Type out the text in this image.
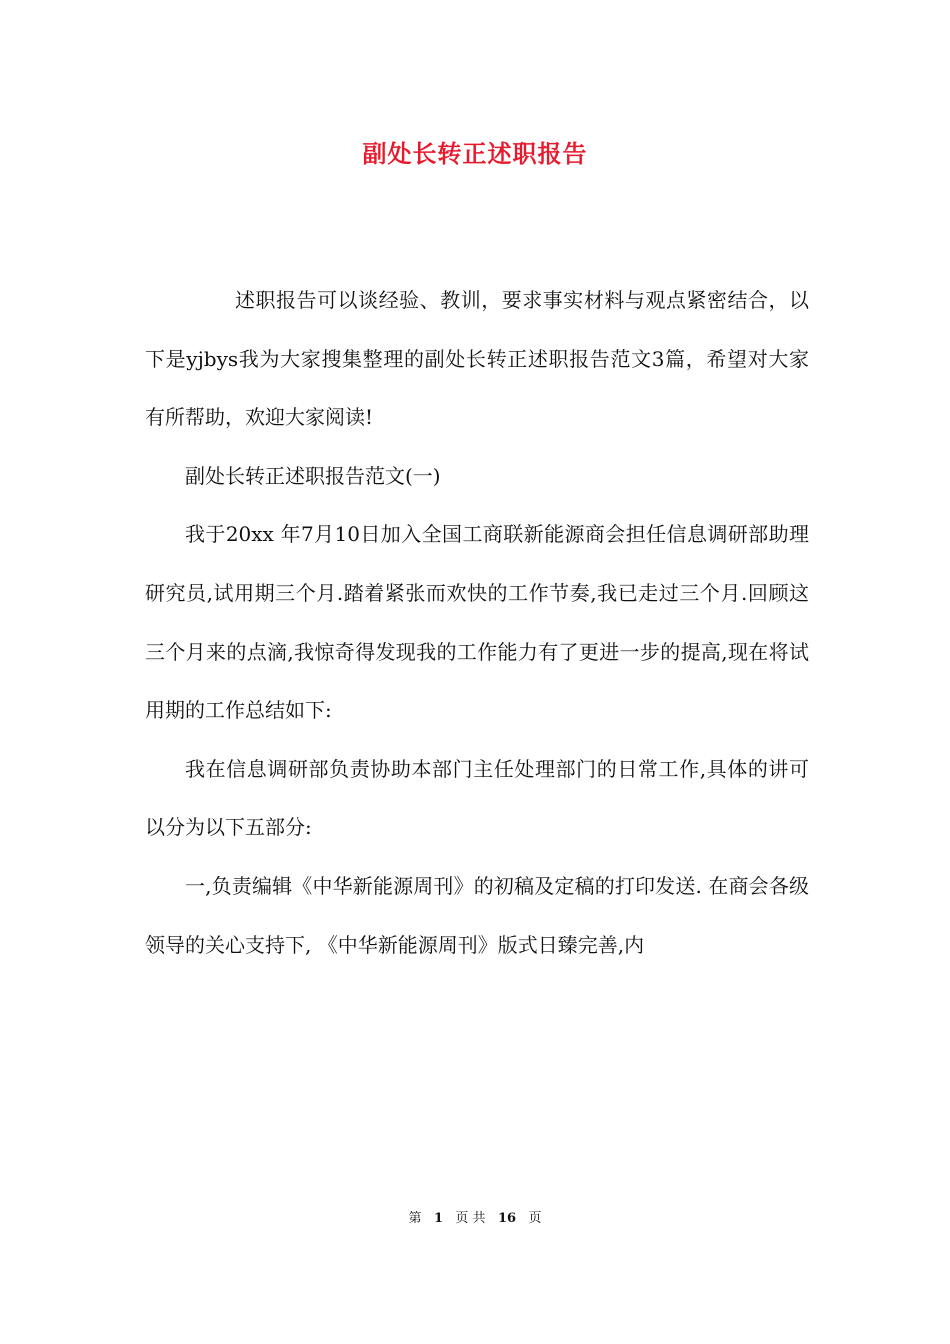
副处长转正述职报告

述职报告可以谈经验、教训，要求事实材料与观点紧密结合，以下是yjbys我为大家搜集整理的副处长转正述职报告范文3篇，希望对大家有所帮助，欢迎大家阅读!

副处长转正述职报告范文(一)

我于20xx 年7月10日加入全国工商联新能源商会担任信息调研部助理研究员,试用期三个月.踏着紧张而欢快的工作节奏,我已走过三个月.回顾这三个月来的点滴,我惊奇得发现我的工作能力有了更进一步的提高,现在将试用期的工作总结如下:

我在信息调研部负责协助本部门主任处理部门的日常工作,具体的讲可以分为以下五部分:

一,负责编辑《中华新能源周刊》的初稿及定稿的打印发送. 在商会各级领导的关心支持下, 《中华新能源周刊》版式日臻完善,内

第 1 页 共 16 页
